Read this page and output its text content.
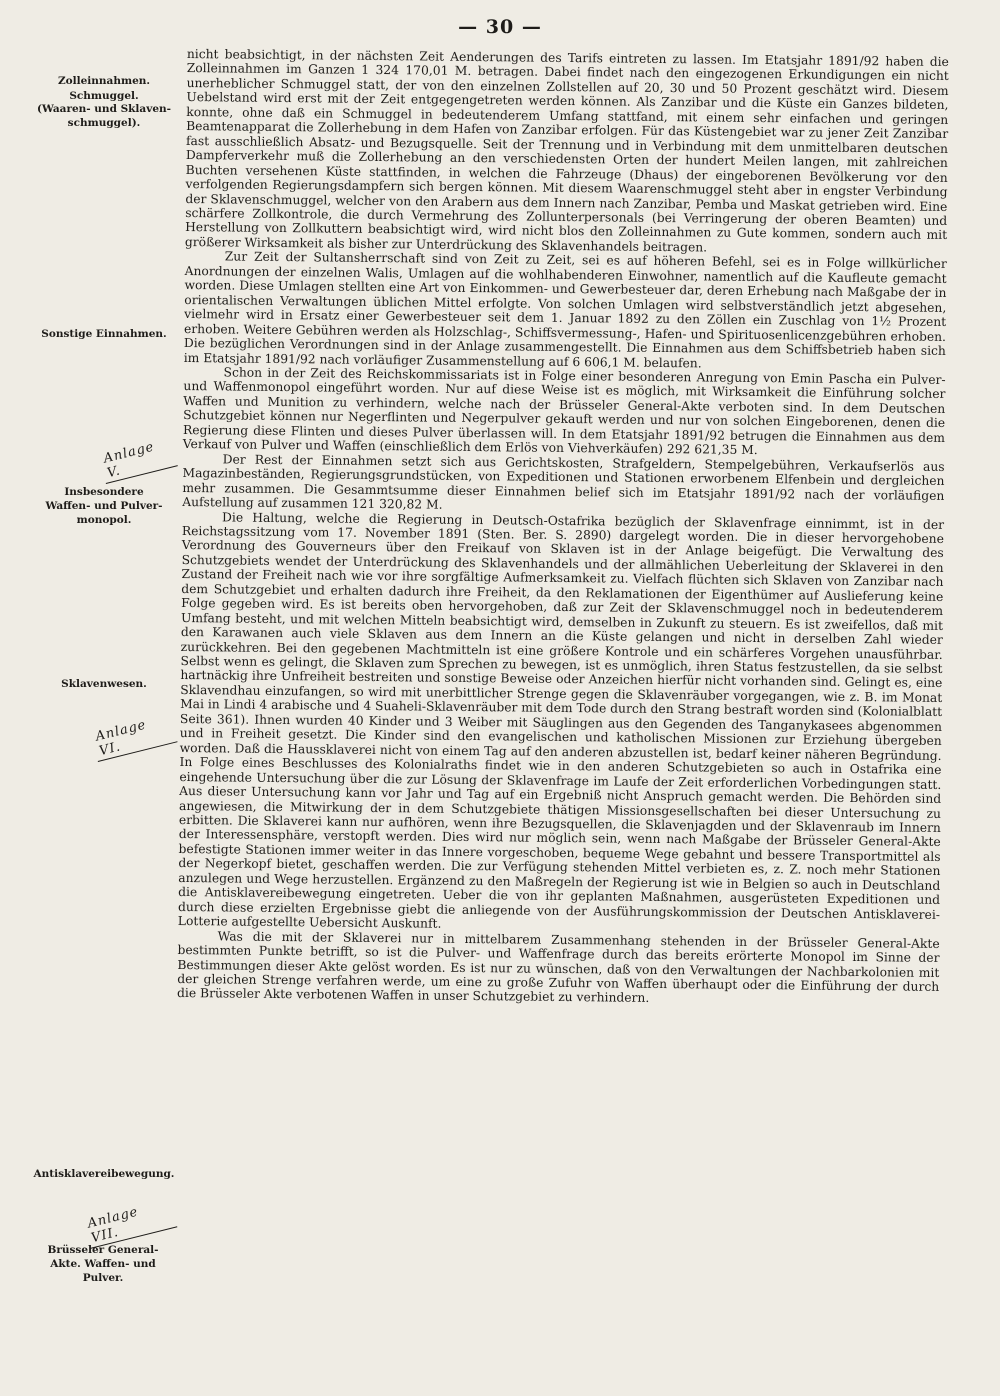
— 30 —
Zolleinnahmen.
Schmuggel.
(Waaren- und Sklaven-schmuggel).
Sonstige Einnahmen.
Anlage V.
Insbesondere Waffen- und Pulver-monopol.
Sklavenwesen.
Anlage VI.
Antisklavereibewegung.
Anlage VII.
Brüsseler General-Akte. Waffen- und Pulver.

nicht beabsichtigt, in der nächsten Zeit Aenderungen des Tarifs eintreten zu lassen. Im Etatsjahr 1891/92 haben die Zolleinnahmen im Ganzen 1 324 170,01 M. betragen. Dabei findet nach den eingezogenen Erkundigungen ein nicht unerheblicher Schmuggel statt, der von den einzelnen Zollstellen auf 20, 30 und 50 Prozent geschätzt wird. Diesem Uebelstand wird erst mit der Zeit entgegengetreten werden können. Als Zanzibar und die Küste ein Ganzes bildeten, konnte, ohne daß ein Schmuggel in bedeutenderem Umfang stattfand, mit einem sehr einfachen und geringen Beamtenapparat die Zollerhebung in dem Hafen von Zanzibar erfolgen. Für das Küstengebiet war zu jener Zeit Zanzibar fast ausschließlich Absatz- und Bezugsquelle. Seit der Trennung und in Verbindung mit dem unmittelbaren deutschen Dampferverkehr muß die Zollerhebung an den verschiedensten Orten der hundert Meilen langen, mit zahlreichen Buchten versehenen Küste stattfinden, in welchen die Fahrzeuge (Dhaus) der eingeborenen Bevölkerung vor den verfolgenden Regierungsdampfern sich bergen können. Mit diesem Waarenschmuggel steht aber in engster Verbindung der Sklavenschmuggel, welcher von den Arabern aus dem Innern nach Zanzibar, Pemba und Maskat getrieben wird. Eine schärfere Zollkontrole, die durch Vermehrung des Zollunterpersonals (bei Verringerung der oberen Beamten) und Herstellung von Zollkuttern beabsichtigt wird, wird nicht blos den Zolleinnahmen zu Gute kommen, sondern auch mit größerer Wirksamkeit als bisher zur Unterdrückung des Sklavenhandels beitragen.

Zur Zeit der Sultansherrschaft sind von Zeit zu Zeit, sei es auf höheren Befehl, sei es in Folge willkürlicher Anordnungen der einzelnen Walis, Umlagen auf die wohlhabenderen Einwohner, namentlich auf die Kaufleute gemacht worden. Diese Umlagen stellten eine Art von Einkommen- und Gewerbesteuer dar, deren Erhebung nach Maßgabe der in orientalischen Verwaltungen üblichen Mittel erfolgte. Von solchen Umlagen wird selbstverständlich jetzt abgesehen, vielmehr wird in Ersatz einer Gewerbesteuer seit dem 1. Januar 1892 zu den Zöllen ein Zuschlag von 1½ Prozent erhoben. Weitere Gebühren werden als Holzschlag-, Schiffsvermessung-, Hafen- und Spirituosenlicenzgebühren erhoben. Die bezüglichen Verordnungen sind in der Anlage zusammengestellt. Die Einnahmen aus dem Schiffsbetrieb haben sich im Etatsjahr 1891/92 nach vorläufiger Zusammenstellung auf 6 606,1 M. belaufen.

Schon in der Zeit des Reichskommissariats ist in Folge einer besonderen Anregung von Emin Pascha ein Pulver- und Waffenmonopol eingeführt worden. Nur auf diese Weise ist es möglich, mit Wirksamkeit die Einführung solcher Waffen und Munition zu verhindern, welche nach der Brüsseler General-Akte verboten sind. In dem Deutschen Schutzgebiet können nur Negerflinten und Negerpulver gekauft werden und nur von solchen Eingeborenen, denen die Regierung diese Flinten und dieses Pulver überlassen will. In dem Etatsjahr 1891/92 betrugen die Einnahmen aus dem Verkauf von Pulver und Waffen (einschließlich dem Erlös von Viehverkäufen) 292 621,35 M.

Der Rest der Einnahmen setzt sich aus Gerichtskosten, Strafgeldern, Stempelgebühren, Verkaufserlös aus Magazinbeständen, Regierungsgrundstücken, von Expeditionen und Stationen erworbenem Elfenbein und dergleichen mehr zusammen. Die Gesammtsumme dieser Einnahmen belief sich im Etatsjahr 1891/92 nach der vorläufigen Aufstellung auf zusammen 121 320,82 M.

Die Haltung, welche die Regierung in Deutsch-Ostafrika bezüglich der Sklavenfrage einnimmt, ist in der Reichstagssitzung vom 17. November 1891 (Sten. Ber. S. 2890) dargelegt worden. Die in dieser hervorgehobene Verordnung des Gouverneurs über den Freikauf von Sklaven ist in der Anlage beigefügt. Die Verwaltung des Schutzgebiets wendet der Unterdrückung des Sklavenhandels und der allmählichen Ueberleitung der Sklaverei in den Zustand der Freiheit nach wie vor ihre sorgfältige Aufmerksamkeit zu. Vielfach flüchten sich Sklaven von Zanzibar nach dem Schutzgebiet und erhalten dadurch ihre Freiheit, da den Reklamationen der Eigenthümer auf Auslieferung keine Folge gegeben wird. Es ist bereits oben hervorgehoben, daß zur Zeit der Sklavenschmuggel noch in bedeutenderem Umfang besteht, und mit welchen Mitteln beabsichtigt wird, demselben in Zukunft zu steuern. Es ist zweifellos, daß mit den Karawanen auch viele Sklaven aus dem Innern an die Küste gelangen und nicht in derselben Zahl wieder zurückkehren. Bei den gegebenen Machtmitteln ist eine größere Kontrole und ein schärferes Vorgehen unausführbar. Selbst wenn es gelingt, die Sklaven zum Sprechen zu bewegen, ist es unmöglich, ihren Status festzustellen, da sie selbst hartnäckig ihre Unfreiheit bestreiten und sonstige Beweise oder Anzeichen hierfür nicht vorhanden sind. Gelingt es, eine Sklavendhau einzufangen, so wird mit unerbittlicher Strenge gegen die Sklavenräuber vorgegangen, wie z. B. im Monat Mai in Lindi 4 arabische und 4 Suaheli-Sklavenräuber mit dem Tode durch den Strang bestraft worden sind (Kolonialblatt Seite 361). Ihnen wurden 40 Kinder und 3 Weiber mit Säuglingen aus den Gegenden des Tanganykasees abgenommen und in Freiheit gesetzt. Die Kinder sind den evangelischen und katholischen Missionen zur Erziehung übergeben worden. Daß die Haussklaverei nicht von einem Tag auf den anderen abzustellen ist, bedarf keiner näheren Begründung. In Folge eines Beschlusses des Kolonialraths findet wie in den anderen Schutzgebieten so auch in Ostafrika eine eingehende Untersuchung über die zur Lösung der Sklavenfrage im Laufe der Zeit erforderlichen Vorbedingungen statt. Aus dieser Untersuchung kann vor Jahr und Tag auf ein Ergebniß nicht Anspruch gemacht werden. Die Behörden sind angewiesen, die Mitwirkung der in dem Schutzgebiete thätigen Missionsgesellschaften bei dieser Untersuchung zu erbitten. Die Sklaverei kann nur aufhören, wenn ihre Bezugsquellen, die Sklavenjagden und der Sklavenraub im Innern der Interessensphäre, verstopft werden. Dies wird nur möglich sein, wenn nach Maßgabe der Brüsseler General-Akte befestigte Stationen immer weiter in das Innere vorgeschoben, bequeme Wege gebahnt und bessere Transportmittel als der Negerkopf bietet, geschaffen werden. Die zur Verfügung stehenden Mittel verbieten es, z. Z. noch mehr Stationen anzulegen und Wege herzustellen. Ergänzend zu den Maßregeln der Regierung ist wie in Belgien so auch in Deutschland die Antisklavereibewegung eingetreten. Ueber die von ihr geplanten Maßnahmen, ausgerüsteten Expeditionen und durch diese erzielten Ergebnisse giebt die anliegende von der Ausführungskommission der Deutschen Antisklaverei-Lotterie aufgestellte Uebersicht Auskunft.

Was die mit der Sklaverei nur in mittelbarem Zusammenhang stehenden in der Brüsseler General-Akte bestimmten Punkte betrifft, so ist die Pulver- und Waffenfrage durch das bereits erörterte Monopol im Sinne der Bestimmungen dieser Akte gelöst worden. Es ist nur zu wünschen, daß von den Verwaltungen der Nachbarkolonien mit der gleichen Strenge verfahren werde, um eine zu große Zufuhr von Waffen überhaupt oder die Einführung der durch die Brüsseler Akte verbotenen Waffen in unser Schutzgebiet zu verhindern.
